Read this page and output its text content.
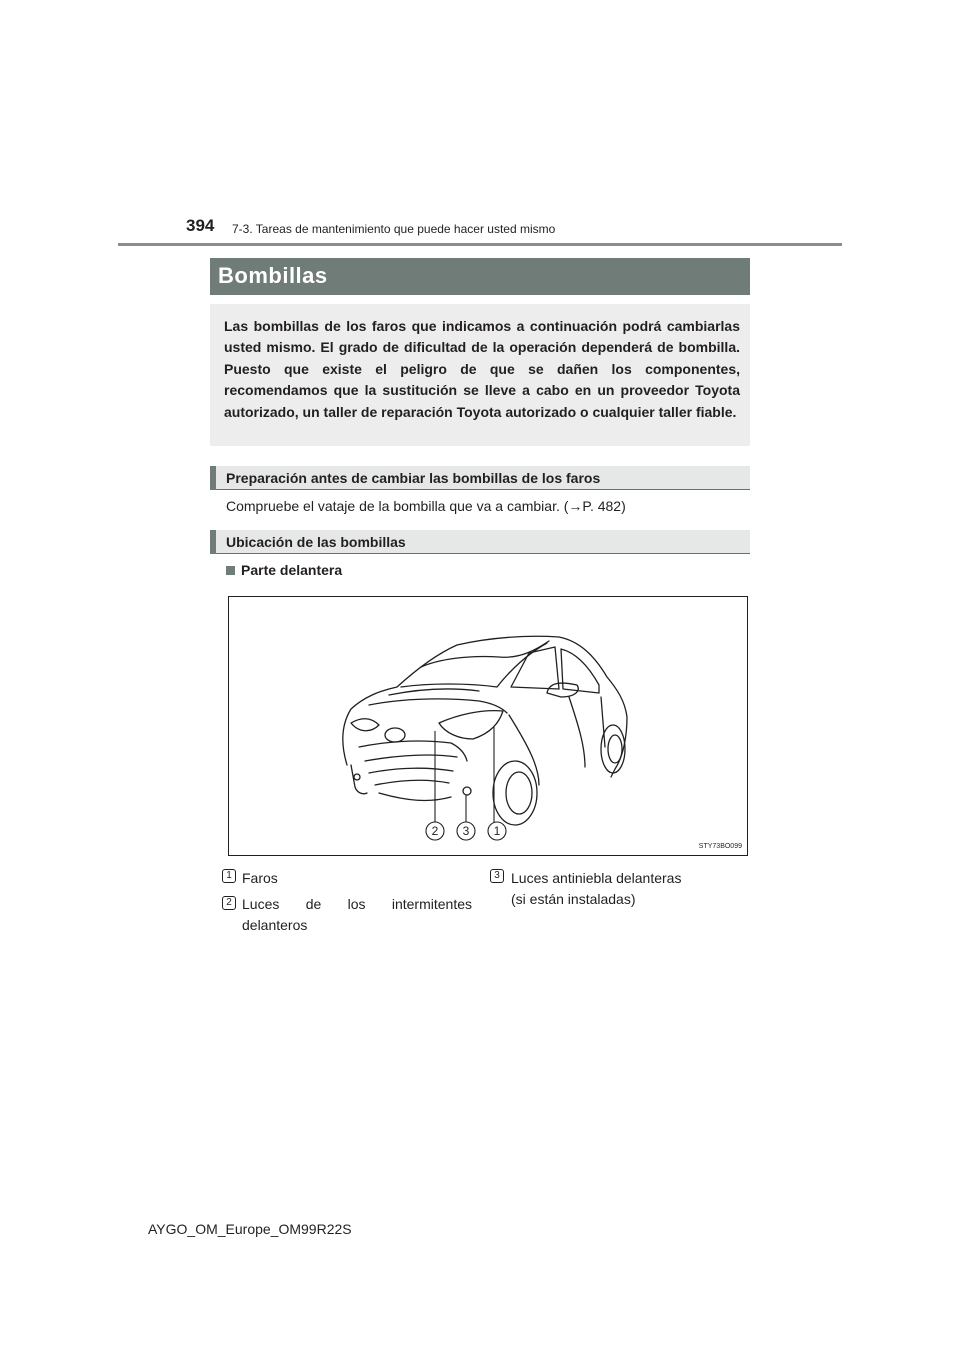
394 7-3. Tareas de mantenimiento que puede hacer usted mismo
Bombillas
Las bombillas de los faros que indicamos a continuación podrá cambiarlas usted mismo. El grado de dificultad de la operación dependerá de bombilla. Puesto que existe el peligro de que se dañen los componentes, recomendamos que la sustitución se lleve a cabo en un proveedor Toyota autorizado, un taller de reparación Toyota autorizado o cualquier taller fiable.
Preparación antes de cambiar las bombillas de los faros
Compruebe el vataje de la bombilla que va a cambiar. (→P. 482)
Ubicación de las bombillas
Parte delantera
2 3 1
STY73BO099
1 Faros
2 Luces de los intermitentes
delanteros
3 Luces antiniebla delanteras
(si están instaladas)
AYGO_OM_Europe_OM99R22S
